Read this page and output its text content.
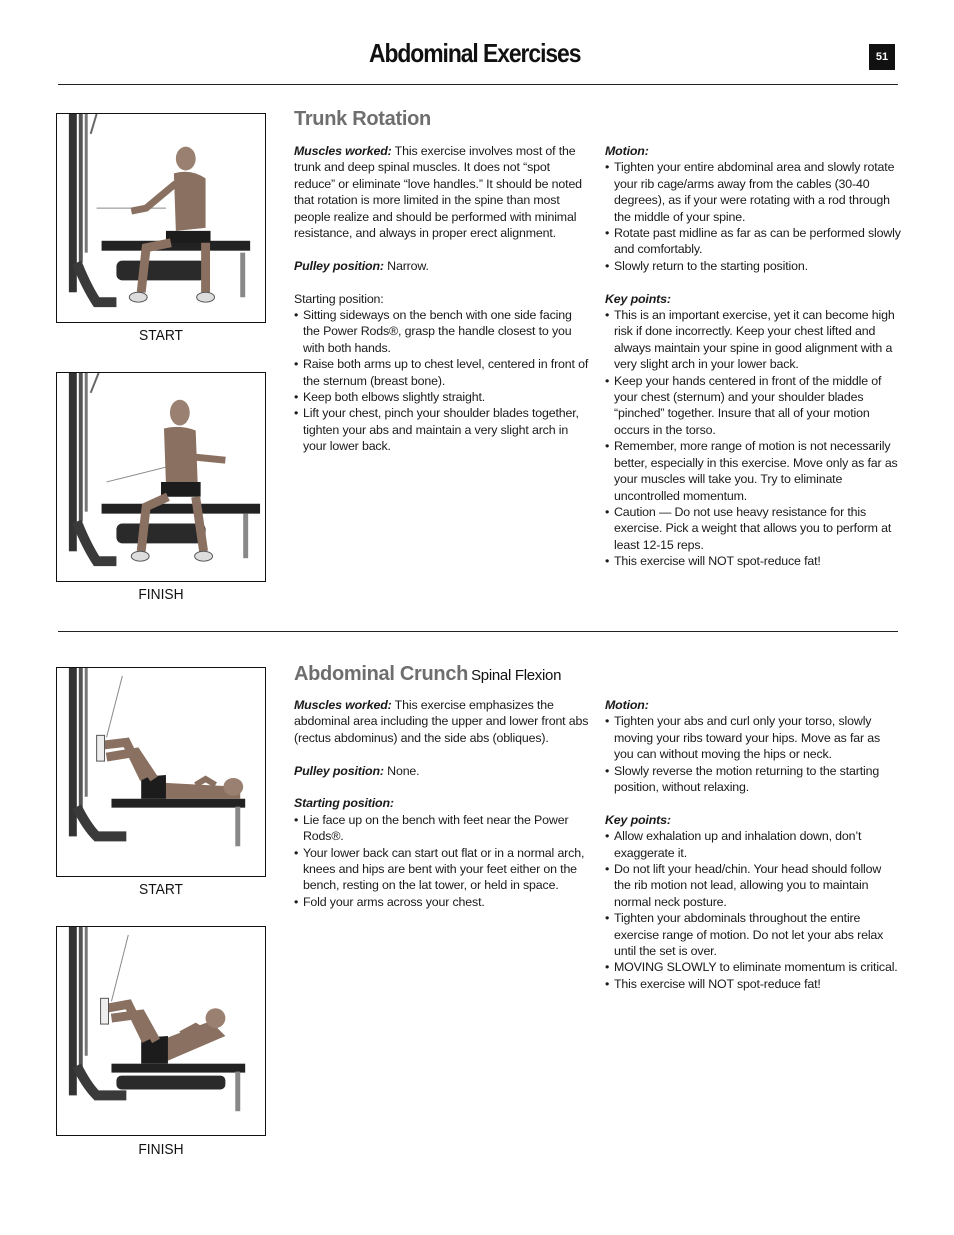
Abdominal Exercises	51
START
FINISH
Trunk Rotation

Muscles worked: This exercise involves most of the trunk and deep spinal muscles. It does not “spot reduce” or eliminate “love handles.” It should be noted that rotation is more limited in the spine than most people realize and should be performed with minimal resistance, and always in proper erect alignment.

Pulley position: Narrow.

Starting position:
• Sitting sideways on the bench with one side facing the Power Rods®, grasp the handle closest to you with both hands.
• Raise both arms up to chest level, centered in front of the sternum (breast bone).
• Keep both elbows slightly straight.
• Lift your chest, pinch your shoulder blades together, tighten your abs and maintain a very slight arch in your lower back.
Motion:
• Tighten your entire abdominal area and slowly rotate your rib cage/arms away from the cables (30-40 degrees), as if your were rotating with a rod through the middle of your spine.
• Rotate past midline as far as can be performed slowly and comfortably.
• Slowly return to the starting position.
Key points:
• This is an important exercise, yet it can become high risk if done incorrectly. Keep your chest lifted and always maintain your spine in good alignment with a very slight arch in your lower back.
• Keep your hands centered in front of the middle of your chest (sternum) and your shoulder blades “pinched” together. Insure that all of your motion occurs in the torso.
• Remember, more range of motion is not necessarily better, especially in this exercise. Move only as far as your muscles will take you. Try to eliminate uncontrolled momentum.
• Caution — Do not use heavy resistance for this exercise. Pick a weight that allows you to perform at least 12-15 reps.
• This exercise will NOT spot-reduce fat!
START
FINISH
Abdominal Crunch Spinal Flexion

Muscles worked: This exercise emphasizes the abdominal area including the upper and lower front abs (rectus abdominus) and the side abs (obliques).

Pulley position: None.

Starting position:
• Lie face up on the bench with feet near the Power Rods®.
• Your lower back can start out flat or in a normal arch, knees and hips are bent with your feet either on the bench, resting on the lat tower, or held in space.
• Fold your arms across your chest.
Motion:
• Tighten your abs and curl only your torso, slowly moving your ribs toward your hips. Move as far as you can without moving the hips or neck.
• Slowly reverse the motion returning to the starting position, without relaxing.
Key points:
• Allow exhalation up and inhalation down, don’t exaggerate it.
• Do not lift your head/chin. Your head should follow the rib motion not lead, allowing you to maintain normal neck posture.
• Tighten your abdominals throughout the entire exercise range of motion. Do not let your abs relax until the set is over.
• MOVING SLOWLY to eliminate momentum is critical.
• This exercise will NOT spot-reduce fat!
